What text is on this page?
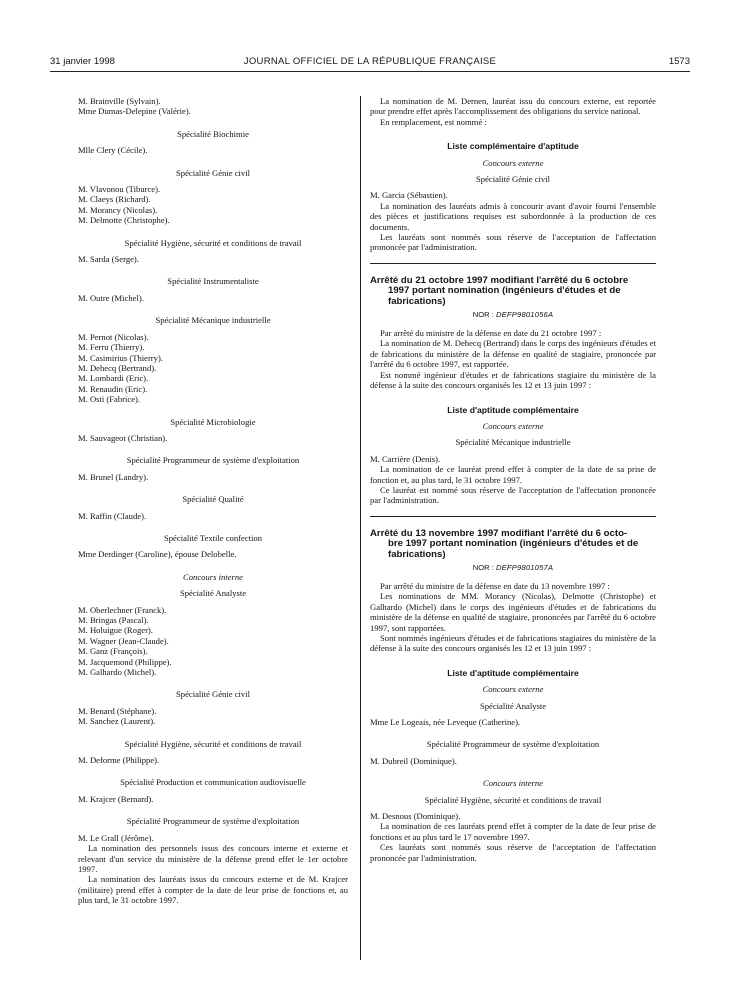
31 janvier 1998	JOURNAL OFFICIEL DE LA RÉPUBLIQUE FRANÇAISE	1573
M. Brainville (Sylvain).
Mme Dumas-Delepine (Valérie).

Spécialité Biochimie

Mlle Clery (Cécile).

Spécialité Génie civil

M. Vlavonou (Tiburce).
M. Claeys (Richard).
M. Morancy (Nicolas).
M. Delmotte (Christophe).

Spécialité Hygiène, sécurité et conditions de travail

M. Sarda (Serge).

Spécialité Instrumentaliste

M. Outre (Michel).

Spécialité Mécanique industrielle

M. Pernot (Nicolas).
M. Ferru (Thierry).
M. Casimirius (Thierry).
M. Dehecq (Bertrand).
M. Lombardi (Eric).
M. Renaudin (Eric).
M. Osti (Fabrice).

Spécialité Microbiologie

M. Sauvageot (Christian).

Spécialité Programmeur de système d'exploitation

M. Brunel (Landry).

Spécialité Qualité

M. Raffin (Claude).

Spécialité Textile confection

Mme Derdinger (Caroline), épouse Delobelle.

Concours interne

Spécialité Analyste

M. Oberlechner (Franck).
M. Bringas (Pascal).
M. Holuigue (Roger).
M. Wagner (Jean-Claude).
M. Ganz (François).
M. Jacquemond (Philippe).
M. Galhardo (Michel).

Spécialité Génie civil

M. Benard (Stéphane).
M. Sanchez (Laurent).

Spécialité Hygiène, sécurité et conditions de travail

M. Deforme (Philippe).

Spécialité Production et communication audiovisuelle

M. Krajcer (Bernard).

Spécialité Programmeur de système d'exploitation

M. Le Grall (Jérôme).

La nomination des personnels issus des concours interne et externe et relevant d'un service du ministère de la défense prend effet le 1er octobre 1997.

La nomination des lauréats issus du concours externe et de M. Krajcer (militaire) prend effet à compter de la date de leur prise de fonctions et, au plus tard, le 31 octobre 1997.

La nomination de M. Dernen, lauréat issu du concours externe, est reportée pour prendre effet après l'accomplissement des obligations du service national.

En remplacement, est nommé :

Liste complémentaire d'aptitude

Concours externe

Spécialité Génie civil

M. Garcia (Sébastien).

La nomination des lauréats admis à concourir avant d'avoir fourni l'ensemble des pièces et justifications requises est subordonnée à la production de ces documents.

Les lauréats sont nommés sous réserve de l'acceptation de l'affectation prononcée par l'administration.

Arrêté du 21 octobre 1997 modifiant l'arrêté du 6 octobre
1997 portant nomination (ingénieurs d'études et de
fabrications)

NOR : DEFP9801056A

Par arrêté du ministre de la défense en date du 21 octobre 1997 :

La nomination de M. Dehecq (Bertrand) dans le corps des ingénieurs d'études et de fabrications du ministère de la défense en qualité de stagiaire, prononcée par l'arrêté du 6 octobre 1997, est rapportée.

Est nommé ingénieur d'études et de fabrications stagiaire du ministère de la défense à la suite des concours organisés les 12 et 13 juin 1997 :

Liste d'aptitude complémentaire

Concours externe

Spécialité Mécanique industrielle

M. Carrière (Denis).

La nomination de ce lauréat prend effet à compter de la date de sa prise de fonction et, au plus tard, le 31 octobre 1997.

Ce lauréat est nommé sous réserve de l'acceptation de l'affectation prononcée par l'administration.

Arrêté du 13 novembre 1997 modifiant l'arrêté du 6 octo-
bre 1997 portant nomination (ingénieurs d'études et de
fabrications)

NOR : DEFP9801057A

Par arrêté du ministre de la défense en date du 13 novembre 1997 :

Les nominations de MM. Morancy (Nicolas), Delmotte (Christophe) et Galhardo (Michel) dans le corps des ingénieurs d'études et de fabrications du ministère de la défense en qualité de stagiaire, prononcées par l'arrêté du 6 octobre 1997, sont rapportées.

Sont nommés ingénieurs d'études et de fabrications stagiaires du ministère de la défense à la suite des concours organisés les 12 et 13 juin 1997 :

Liste d'aptitude complémentaire

Concours externe

Spécialité Analyste

Mme Le Logeais, née Leveque (Catherine).

Spécialité Programmeur de système d'exploitation

M. Dubreil (Dominique).

Concours interne

Spécialité Hygiène, sécurité et conditions de travail

M. Desnous (Dominique).

La nomination de ces lauréats prend effet à compter de la date de leur prise de fonctions et au plus tard le 17 novembre 1997.

Ces lauréats sont nommés sous réserve de l'acceptation de l'affectation prononcée par l'administration.
